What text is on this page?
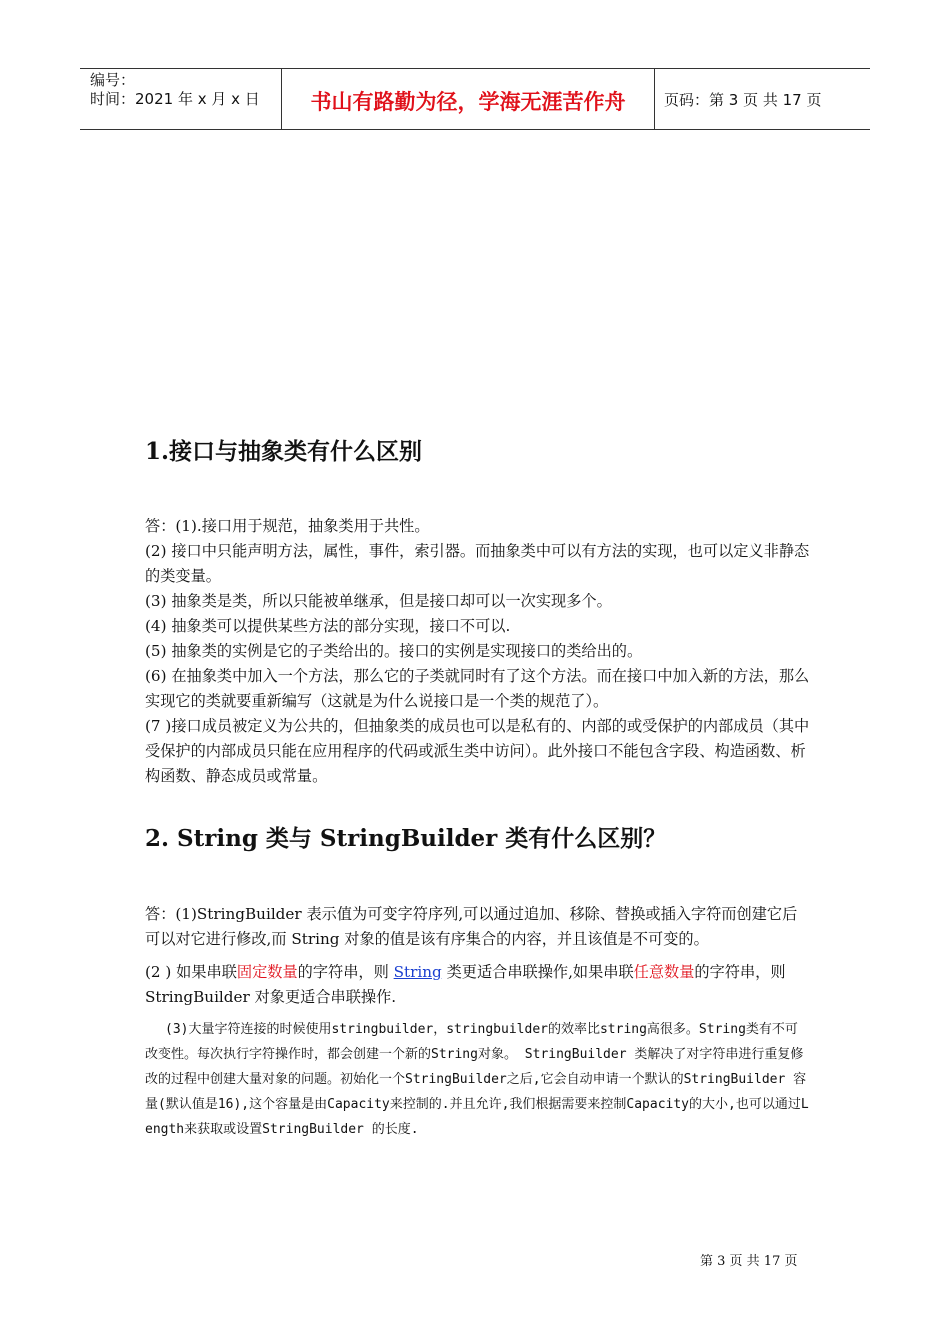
编号：
时间：2021 年 x 月 x 日	书山有路勤为径，学海无涯苦作舟	页码：第 3 页 共 17 页
1.接口与抽象类有什么区别
答：(1).接口用于规范，抽象类用于共性。
(2) 接口中只能声明方法，属性，事件，索引器。而抽象类中可以有方法的实现，也可以定义非静态的类变量。
(3) 抽象类是类，所以只能被单继承，但是接口却可以一次实现多个。
(4) 抽象类可以提供某些方法的部分实现，接口不可以.
(5) 抽象类的实例是它的子类给出的。接口的实例是实现接口的类给出的。
(6) 在抽象类中加入一个方法，那么它的子类就同时有了这个方法。而在接口中加入新的方法，那么实现它的类就要重新编写（这就是为什么说接口是一个类的规范了）。
(7 )接口成员被定义为公共的，但抽象类的成员也可以是私有的、内部的或受保护的内部成员（其中受保护的内部成员只能在应用程序的代码或派生类中访问）。此外接口不能包含字段、构造函数、析构函数、静态成员或常量。
2. String 类与 StringBuilder 类有什么区别？
答：(1)StringBuilder 表示值为可变字符序列,可以通过追加、移除、替换或插入字符而创建它后可以对它进行修改,而 String 对象的值是该有序集合的内容，并且该值是不可变的。
(2 ) 如果串联固定数量的字符串，则 String 类更适合串联操作,如果串联任意数量的字符串，则 StringBuilder 对象更适合串联操作.
(3)大量字符连接的时候使用stringbuilder，stringbuilder的效率比string高很多。String类有不可改变性。每次执行字符操作时，都会创建一个新的String对象。 StringBuilder 类解决了对字符串进行重复修改的过程中创建大量对象的问题。初始化一个StringBuilder之后,它会自动申请一个默认的StringBuilder 容量(默认值是16),这个容量是由Capacity来控制的.并且允许,我们根据需要来控制Capacity的大小,也可以通过Length来获取或设置StringBuilder 的长度.
第 3 页 共 17 页
